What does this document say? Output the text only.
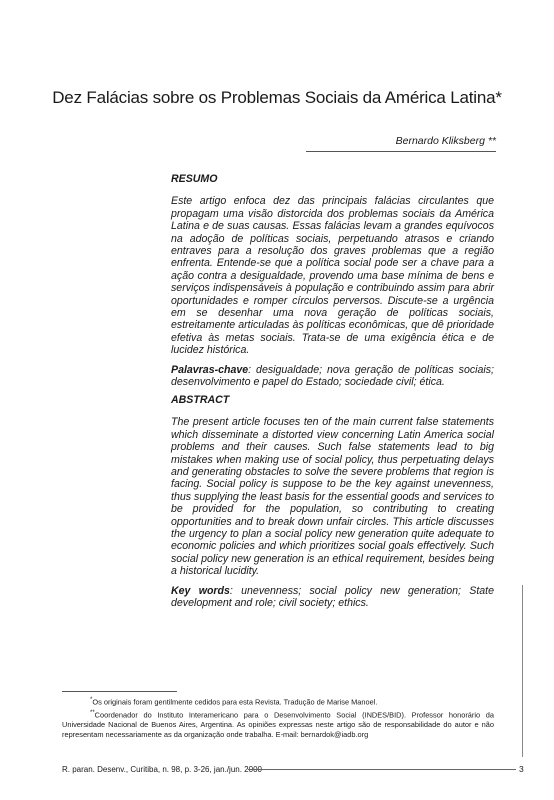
Dez Falácias sobre os Problemas Sociais da América Latina*
Bernardo Kliksberg **

RESUMO

Este artigo enfoca dez das principais falácias circulantes que propagam uma visão distorcida dos problemas sociais da América Latina e de suas causas. Essas falácias levam a grandes equívocos na adoção de políticas sociais, perpetuando atrasos e criando entraves para a resolução dos graves problemas que a região enfrenta. Entende-se que a política social pode ser a chave para a ação contra a desigualdade, provendo uma base mínima de bens e serviços indispensáveis à população e contribuindo assim para abrir oportunidades e romper círculos perversos. Discute-se a urgência em se desenhar uma nova geração de políticas sociais, estreitamente articuladas às políticas econômicas, que dê prioridade efetiva às metas sociais. Trata-se de uma exigência ética e de lucidez histórica.

Palavras-chave: desigualdade; nova geração de políticas sociais; desenvolvimento e papel do Estado; sociedade civil; ética.

ABSTRACT

The present article focuses ten of the main current false statements which disseminate a distorted view concerning Latin America social problems and their causes. Such false statements lead to big mistakes when making use of social policy, thus perpetuating delays and generating obstacles to solve the severe problems that region is facing. Social policy is suppose to be the key against unevenness, thus supplying the least basis for the essential goods and services to be provided for the population, so contributing to creating opportunities and to break down unfair circles. This article discusses the urgency to plan a social policy new generation quite adequate to economic policies and which prioritizes social goals effectively. Such social policy new generation is an ethical requirement, besides being a historical lucidity.

Key words: unevenness; social policy new generation; State development and role; civil society; ethics.

*Os originais foram gentilmente cedidos para esta Revista. Tradução de Marise Manoel.
**Coordenador do Instituto Interamericano para o Desenvolvimento Social (INDES/BID). Professor honorário da Universidade Nacional de Buenos Aires, Argentina. As opiniões expressas neste artigo são de responsabilidade do autor e não representam necessariamente as da organização onde trabalha. E-mail: bernardok@iadb.org
R. paran. Desenv., Curitiba, n. 98, p. 3-26, jan./jun. 2000	3
